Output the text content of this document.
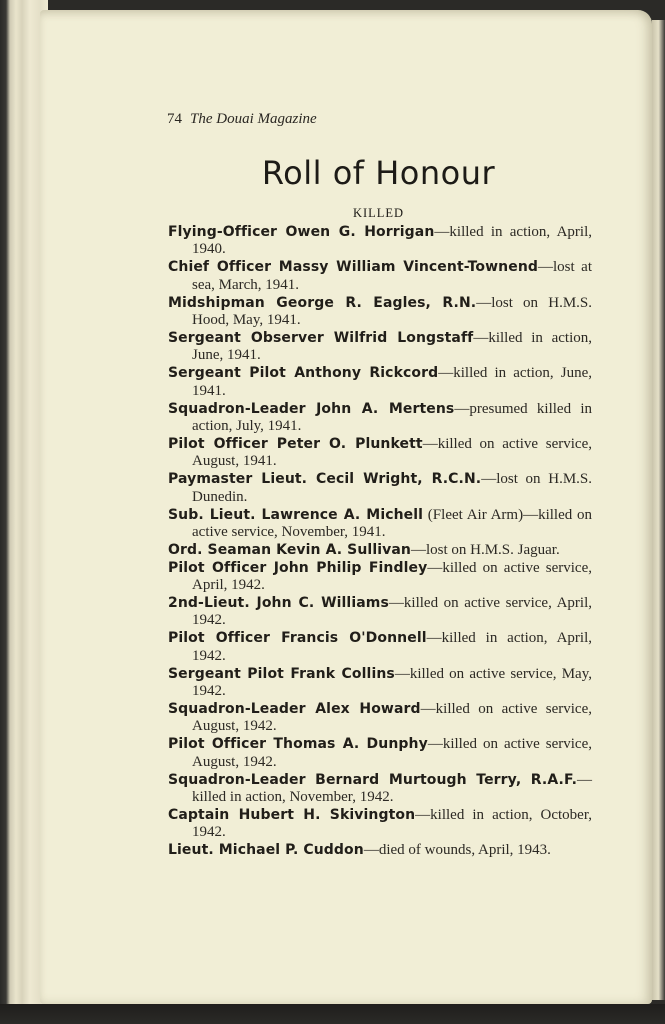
74 The Douai Magazine
Roll of Honour
KILLED
Flying-Officer Owen G. Horrigan—killed in action, April, 1940.
Chief Officer Massy William Vincent-Townend—lost at sea, March, 1941.
Midshipman George R. Eagles, R.N.—lost on H.M.S. Hood, May, 1941.
Sergeant Observer Wilfrid Longstaff—killed in action, June, 1941.
Sergeant Pilot Anthony Rickcord—killed in action, June, 1941.
Squadron-Leader John A. Mertens—presumed killed in action, July, 1941.
Pilot Officer Peter O. Plunkett—killed on active service, August, 1941.
Paymaster Lieut. Cecil Wright, R.C.N.—lost on H.M.S. Dunedin.
Sub. Lieut. Lawrence A. Michell (Fleet Air Arm)—killed on active service, November, 1941.
Ord. Seaman Kevin A. Sullivan—lost on H.M.S. Jaguar.
Pilot Officer John Philip Findley—killed on active service, April, 1942.
2nd-Lieut. John C. Williams—killed on active service, April, 1942.
Pilot Officer Francis O'Donnell—killed in action, April, 1942.
Sergeant Pilot Frank Collins—killed on active service, May, 1942.
Squadron-Leader Alex Howard—killed on active service, August, 1942.
Pilot Officer Thomas A. Dunphy—killed on active service, August, 1942.
Squadron-Leader Bernard Murtough Terry, R.A.F.—killed in action, November, 1942.
Captain Hubert H. Skivington—killed in action, October, 1942.
Lieut. Michael P. Cuddon—died of wounds, April, 1943.
